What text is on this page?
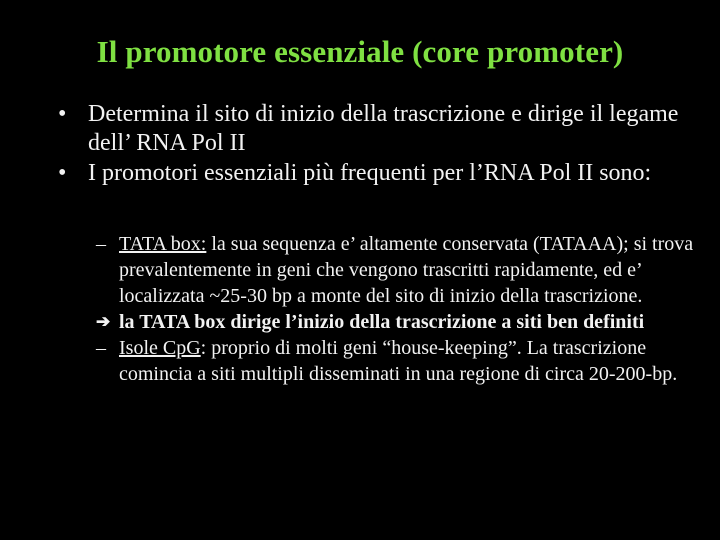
Il promotore essenziale (core promoter)
• Determina il sito di inizio della trascrizione e dirige il legame dell’ RNA Pol II
• I promotori essenziali più frequenti per l’RNA Pol II sono:
– TATA box: la sua sequenza e’ altamente conservata (TATAAA); si trova prevalentemente in geni che vengono trascritti rapidamente, ed e’ localizzata ~25-30 bp a monte del sito di inizio della trascrizione.
➔ la TATA box dirige l’inizio della trascrizione a siti ben definiti
– Isole CpG: proprio di molti geni “house-keeping”. La trascrizione comincia a siti multipli disseminati in una regione di circa 20-200-bp.
